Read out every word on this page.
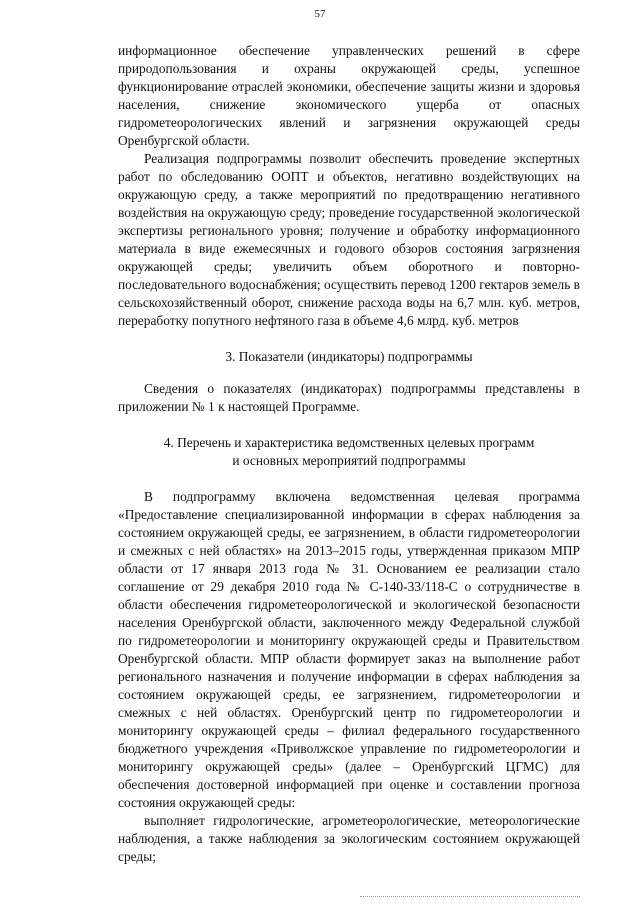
57

информационное обеспечение управленческих решений в сфере природопользования и охраны окружающей среды, успешное функционирование отраслей экономики, обеспечение защиты жизни и здоровья населения, снижение экономического ущерба от опасных гидрометеорологических явлений и загрязнения окружающей среды Оренбургской области.

Реализация подпрограммы позволит обеспечить проведение экспертных работ по обследованию ООПТ и объектов, негативно воздействующих на окружающую среду, а также мероприятий по предотвращению негативного воздействия на окружающую среду; проведение государственной экологической экспертизы регионального уровня; получение и обработку информационного материала в виде ежемесячных и годового обзоров состояния загрязнения окружающей среды; увеличить объем оборотного и повторно-последовательного водоснабжения; осуществить перевод 1200 гектаров земель в сельскохозяйственный оборот, снижение расхода воды на 6,7 млн. куб. метров, переработку попутного нефтяного газа в объеме 4,6 млрд. куб. метров

3. Показатели (индикаторы) подпрограммы

Сведения о показателях (индикаторах) подпрограммы представлены в приложении № 1 к настоящей Программе.

4. Перечень и характеристика ведомственных целевых программ
и основных мероприятий подпрограммы

В подпрограмму включена ведомственная целевая программа «Предоставление специализированной информации в сферах наблюдения за состоянием окружающей среды, ее загрязнением, в области гидрометеорологии и смежных с ней областях» на 2013–2015 годы, утвержденная приказом МПР области от 17 января 2013 года № 31. Основанием ее реализации стало соглашение от 29 декабря 2010 года № С-140-33/118-С о сотрудничестве в области обеспечения гидрометеорологической и экологической безопасности населения Оренбургской области, заключенного между Федеральной службой по гидрометеорологии и мониторингу окружающей среды и Правительством Оренбургской области. МПР области формирует заказ на выполнение работ регионального назначения и получение информации в сферах наблюдения за состоянием окружающей среды, ее загрязнением, гидрометеорологии и смежных с ней областях. Оренбургский центр по гидрометеорологии и мониторингу окружающей среды – филиал федерального государственного бюджетного учреждения «Приволжское управление по гидрометеорологии и мониторингу окружающей среды» (далее – Оренбургский ЦГМС) для обеспечения достоверной информацией при оценке и составлении прогноза состояния окружающей среды:

выполняет гидрологические, агрометеорологические, метеорологические наблюдения, а также наблюдения за экологическим состоянием окружающей среды;
